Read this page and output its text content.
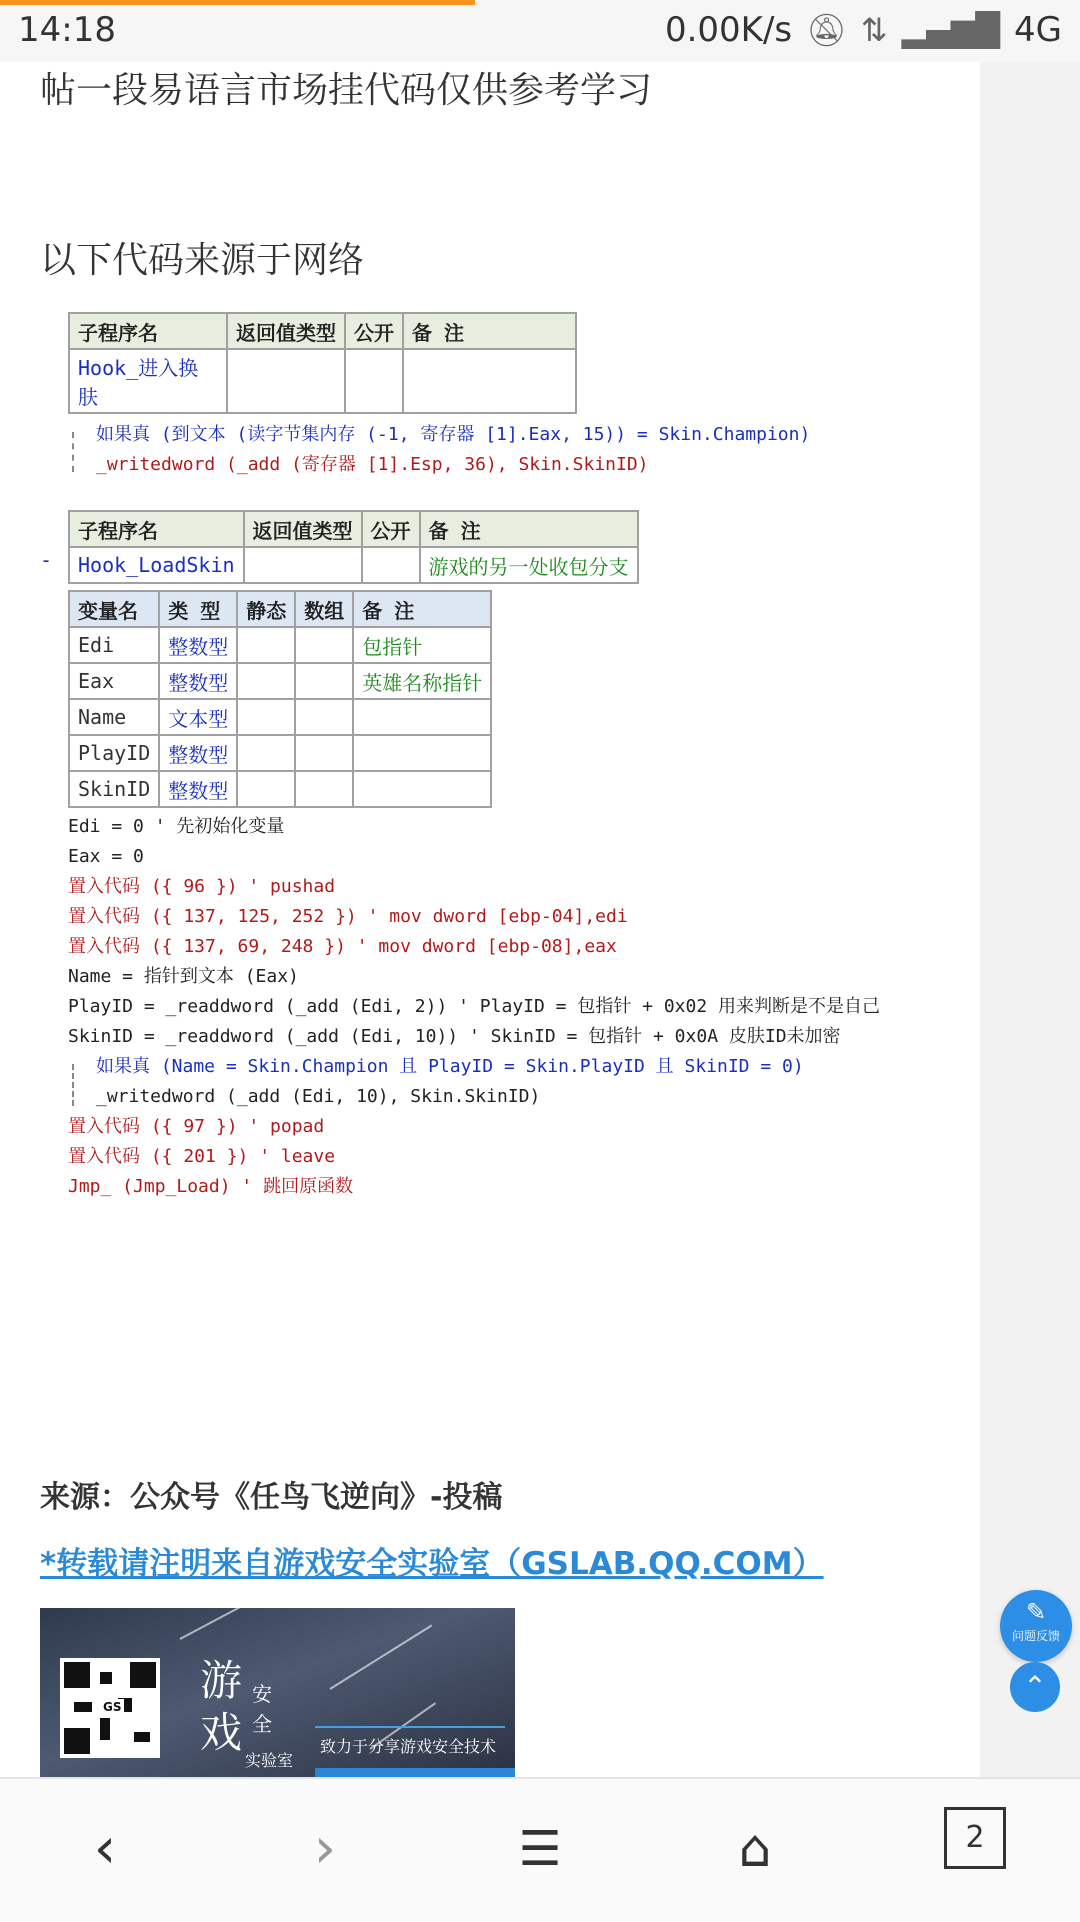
14:18	0.00K/s 🔕︎ ⇅ ▂▄▆█ 4G
帖一段易语言市场挂代码仅供参考学习
以下代码来源于网络
子程序名	返回值类型	公开	备 注
Hook_进入换肤			
如果真 (到文本 (读字节集内存 (-1, 寄存器 [1].Eax, 15)) = Skin.Champion)
_writedword (_add (寄存器 [1].Esp, 36), Skin.SkinID)
-
子程序名	返回值类型	公开	备 注
Hook_LoadSkin			游戏的另一处收包分支
变量名	类 型	静态	数组	备 注
Edi	整数型			包指针
Eax	整数型			英雄名称指针
Name	文本型			
PlayID	整数型			
SkinID	整数型			
Edi = 0 ' 先初始化变量
Eax = 0
置入代码 ({ 96 }) ' pushad
置入代码 ({ 137, 125, 252 }) ' mov dword [ebp-04],edi
置入代码 ({ 137, 69, 248 }) ' mov dword [ebp-08],eax
Name = 指针到文本 (Eax)
PlayID = _readdword (_add (Edi, 2)) ' PlayID = 包指针 + 0x02 用来判断是不是自己
SkinID = _readdword (_add (Edi, 10)) ' SkinID = 包指针 + 0x0A 皮肤ID未加密
如果真 (Name = Skin.Champion 且 PlayID = Skin.PlayID 且 SkinID = 0)
_writedword (_add (Edi, 10), Skin.SkinID)
置入代码 ({ 97 }) ' popad
置入代码 ({ 201 }) ' leave
Jmp_ (Jmp_Load) ' 跳回原函数
来源：公众号《任鸟飞逆向》-投稿
*转载请注明来自游戏安全实验室（GSLAB.QQ.COM）
GS
游 安
戏 全
实验室
致力于分享游戏安全技术
✎
问题反馈
⌃
‹	›	☰	⌂	2
